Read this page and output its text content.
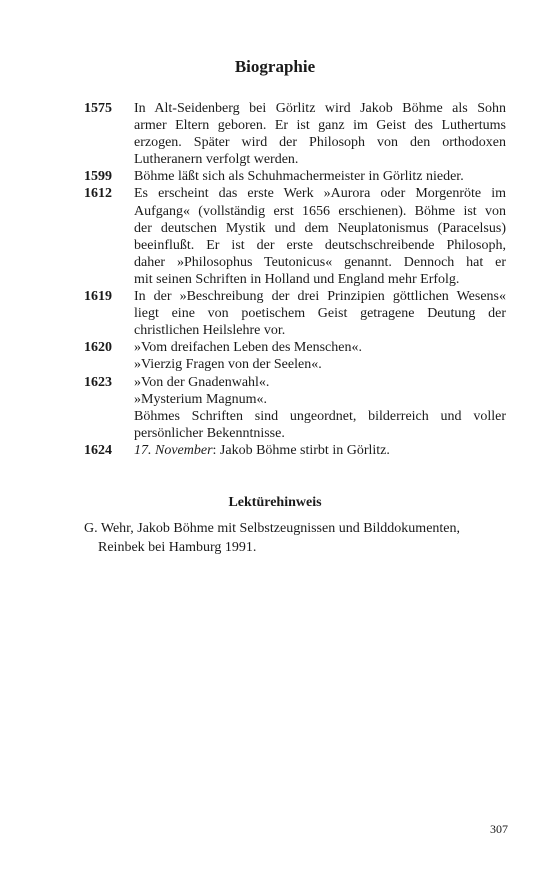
Biographie
1575	In Alt-Seidenberg bei Görlitz wird Jakob Böhme als Sohn
armer Eltern geboren. Er ist ganz im Geist des Luthertums
erzogen. Später wird der Philosoph von den orthodoxen
Lutheranern verfolgt werden.
1599	Böhme läßt sich als Schuhmachermeister in Görlitz nieder.
1612	Es erscheint das erste Werk »Aurora oder Morgenröte im
Aufgang« (vollständig erst 1656 erschienen). Böhme ist von
der deutschen Mystik und dem Neuplatonismus (Paracelsus)
beeinflußt. Er ist der erste deutschschreibende Philosoph,
daher »Philosophus Teutonicus« genannt. Dennoch hat er
mit seinen Schriften in Holland und England mehr Erfolg.
1619	In der »Beschreibung der drei Prinzipien göttlichen Wesens«
liegt eine von poetischem Geist getragene Deutung der
christlichen Heilslehre vor.
1620	»Vom dreifachen Leben des Menschen«.
»Vierzig Fragen von der Seelen«.
1623	»Von der Gnadenwahl«.
»Mysterium Magnum«.
Böhmes Schriften sind ungeordnet, bilderreich und voller
persönlicher Bekenntnisse.
1624	17. November: Jakob Böhme stirbt in Görlitz.
Lektürehinweis
G. Wehr, Jakob Böhme mit Selbstzeugnissen und Bilddokumenten,
Reinbek bei Hamburg 1991.
307
